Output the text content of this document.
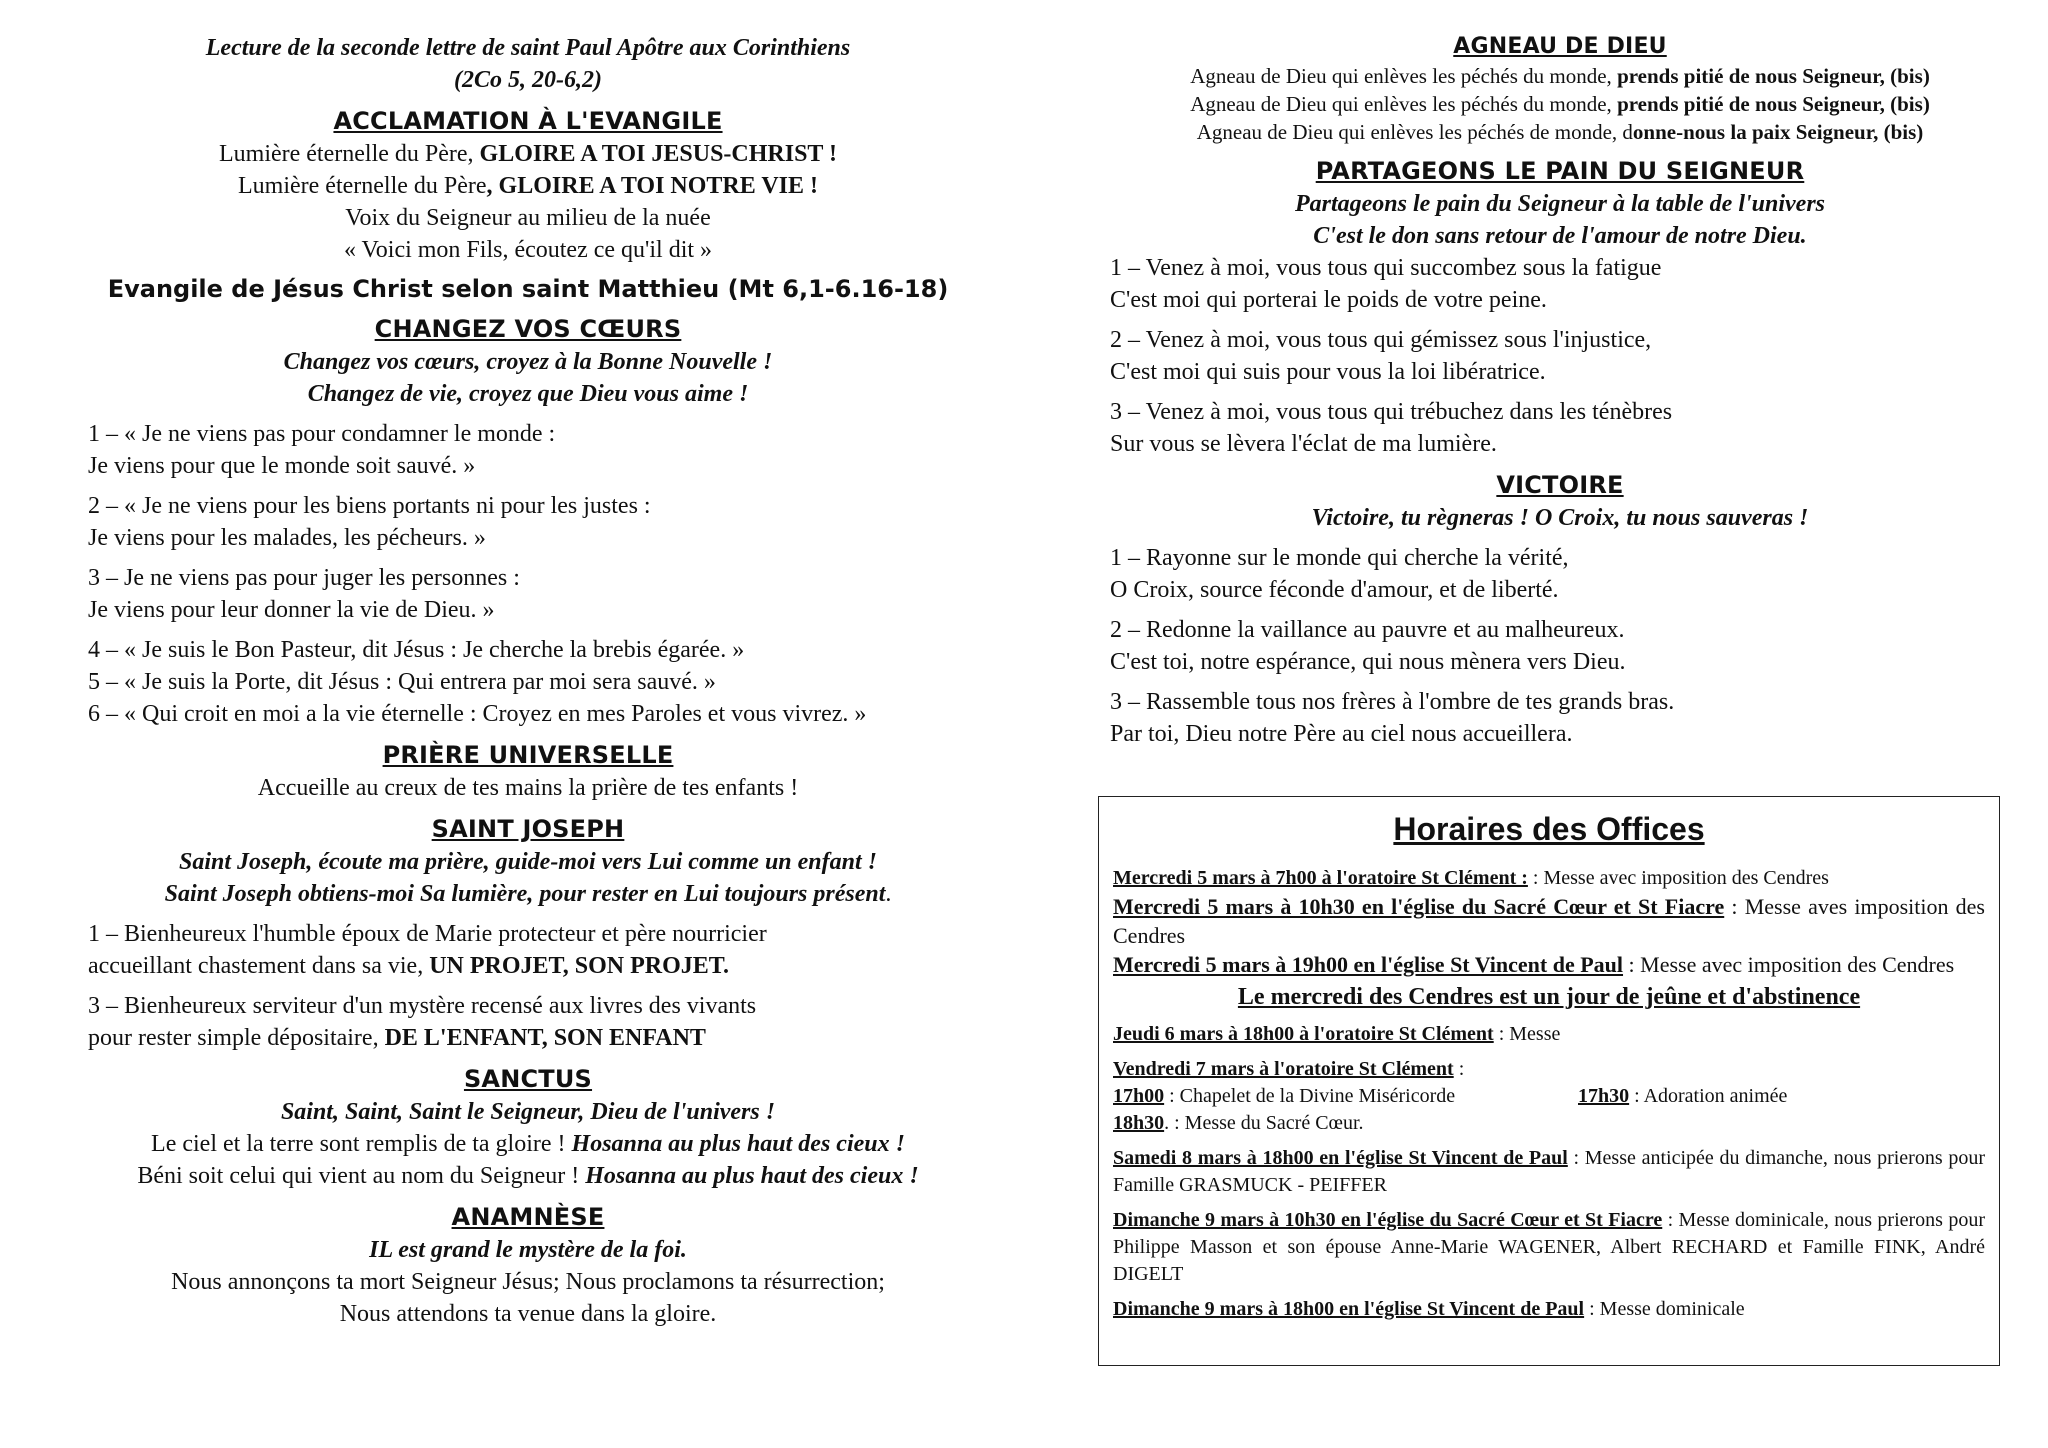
Lecture de la seconde lettre de saint Paul Apôtre aux Corinthiens

(2Co 5, 20-6,2)

ACCLAMATION À L'EVANGILE

Lumière éternelle du Père, GLOIRE A TOI JESUS-CHRIST !

Lumière éternelle du Père, GLOIRE A TOI NOTRE VIE !

Voix du Seigneur au milieu de la nuée

« Voici mon Fils, écoutez ce qu'il dit »

Evangile de Jésus Christ selon saint Matthieu (Mt 6,1-6.16-18)

CHANGEZ VOS CŒURS

Changez vos cœurs, croyez à la Bonne Nouvelle !

Changez de vie, croyez que Dieu vous aime !

1 – « Je ne viens pas pour condamner le monde :

Je viens pour que le monde soit sauvé. »

2 – « Je ne viens pour les biens portants ni pour les justes :

Je viens pour les malades, les pécheurs. »

3 – Je ne viens pas pour juger les personnes :

Je viens pour leur donner la vie de Dieu. »

4 – « Je suis le Bon Pasteur, dit Jésus : Je cherche la brebis égarée. »

5 – « Je suis la Porte, dit Jésus : Qui entrera par moi sera sauvé. »

6 – « Qui croit en moi a la vie éternelle : Croyez en mes Paroles et vous vivrez. »

PRIÈRE UNIVERSELLE

Accueille au creux de tes mains la prière de tes enfants !

SAINT JOSEPH

Saint Joseph, écoute ma prière, guide-moi vers Lui comme un enfant !

Saint Joseph obtiens-moi Sa lumière, pour rester en Lui toujours présent.

1 – Bienheureux l'humble époux de Marie protecteur et père nourricier

accueillant chastement dans sa vie, UN PROJET, SON PROJET.

3 – Bienheureux serviteur d'un mystère recensé aux livres des vivants

pour rester simple dépositaire, DE L'ENFANT, SON ENFANT

SANCTUS

Saint, Saint, Saint le Seigneur, Dieu de l'univers !

Le ciel et la terre sont remplis de ta gloire ! Hosanna au plus haut des cieux !

Béni soit celui qui vient au nom du Seigneur ! Hosanna au plus haut des cieux !

ANAMNÈSE

IL est grand le mystère de la foi.

Nous annonçons ta mort Seigneur Jésus; Nous proclamons ta résurrection;

Nous attendons ta venue dans la gloire.

AGNEAU DE DIEU

Agneau de Dieu qui enlèves les péchés du monde, prends pitié de nous Seigneur, (bis)

Agneau de Dieu qui enlèves les péchés du monde, prends pitié de nous Seigneur, (bis)

Agneau de Dieu qui enlèves les péchés de monde, donne-nous la paix Seigneur, (bis)

PARTAGEONS LE PAIN DU SEIGNEUR

Partageons le pain du Seigneur à la table de l'univers

C'est le don sans retour de l'amour de notre Dieu.

1 – Venez à moi, vous tous qui succombez sous la fatigue

C'est moi qui porterai le poids de votre peine.

2 – Venez à moi, vous tous qui gémissez sous l'injustice,

C'est moi qui suis pour vous la loi libératrice.

3 – Venez à moi, vous tous qui trébuchez dans les ténèbres

Sur vous se lèvera l'éclat de ma lumière.

VICTOIRE

Victoire, tu règneras ! O Croix, tu nous sauveras !

1 – Rayonne sur le monde qui cherche la vérité,

O Croix, source féconde d'amour, et de liberté.

2 – Redonne la vaillance au pauvre et au malheureux.

C'est toi, notre espérance, qui nous mènera vers Dieu.

3 – Rassemble tous nos frères à l'ombre de tes grands bras.

Par toi, Dieu notre Père au ciel nous accueillera.

Horaires des Offices

Mercredi 5 mars à 7h00 à l'oratoire St Clément : : Messe avec imposition des Cendres

Mercredi 5 mars à 10h30 en l'église du Sacré Cœur et St Fiacre : Messe aves imposition des Cendres

Mercredi 5 mars à 19h00 en l'église St Vincent de Paul : Messe avec imposition des Cendres

Le mercredi des Cendres est un jour de jeûne et d'abstinence

Jeudi 6 mars à 18h00 à l'oratoire St Clément : Messe

Vendredi 7 mars à l'oratoire St Clément :

17h00 : Chapelet de la Divine Miséricorde	17h30 : Adoration animée

18h30. : Messe du Sacré Cœur.

Samedi 8 mars à 18h00 en l'église St Vincent de Paul : Messe anticipée du dimanche, nous prierons pour Famille GRASMUCK - PEIFFER

Dimanche 9 mars à 10h30 en l'église du Sacré Cœur et St Fiacre : Messe dominicale, nous prierons pour Philippe Masson et son épouse Anne-Marie WAGENER, Albert RECHARD et Famille FINK, André DIGELT

Dimanche 9 mars à 18h00 en l'église St Vincent de Paul : Messe dominicale
